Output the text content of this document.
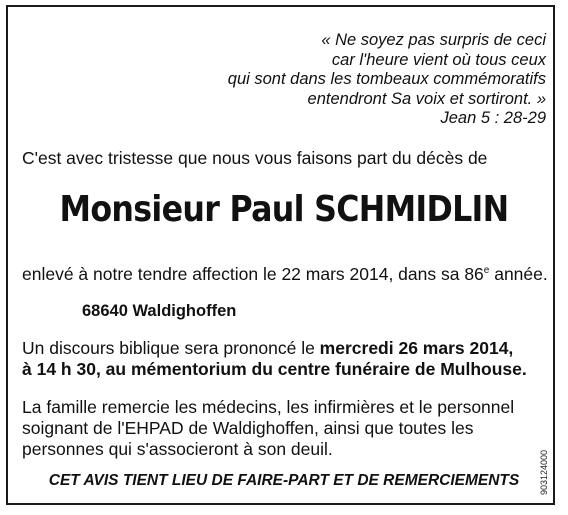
« Ne soyez pas surpris de ceci
car l'heure vient où tous ceux
qui sont dans les tombeaux commémoratifs
entendront Sa voix et sortiront. »
Jean 5 : 28-29
C'est avec tristesse que nous vous faisons part du décès de
Monsieur Paul SCHMIDLIN
enlevé à notre tendre affection le 22 mars 2014, dans sa 86e année.
68640 Waldighoffen
Un discours biblique sera prononcé le mercredi 26 mars 2014,
à 14 h 30, au mémentorium du centre funéraire de Mulhouse.
La famille remercie les médecins, les infirmières et le personnel
soignant de l'EHPAD de Waldighoffen, ainsi que toutes les
personnes qui s'associeront à son deuil.
CET AVIS TIENT LIEU DE FAIRE-PART ET DE REMERCIEMENTS	903124000
